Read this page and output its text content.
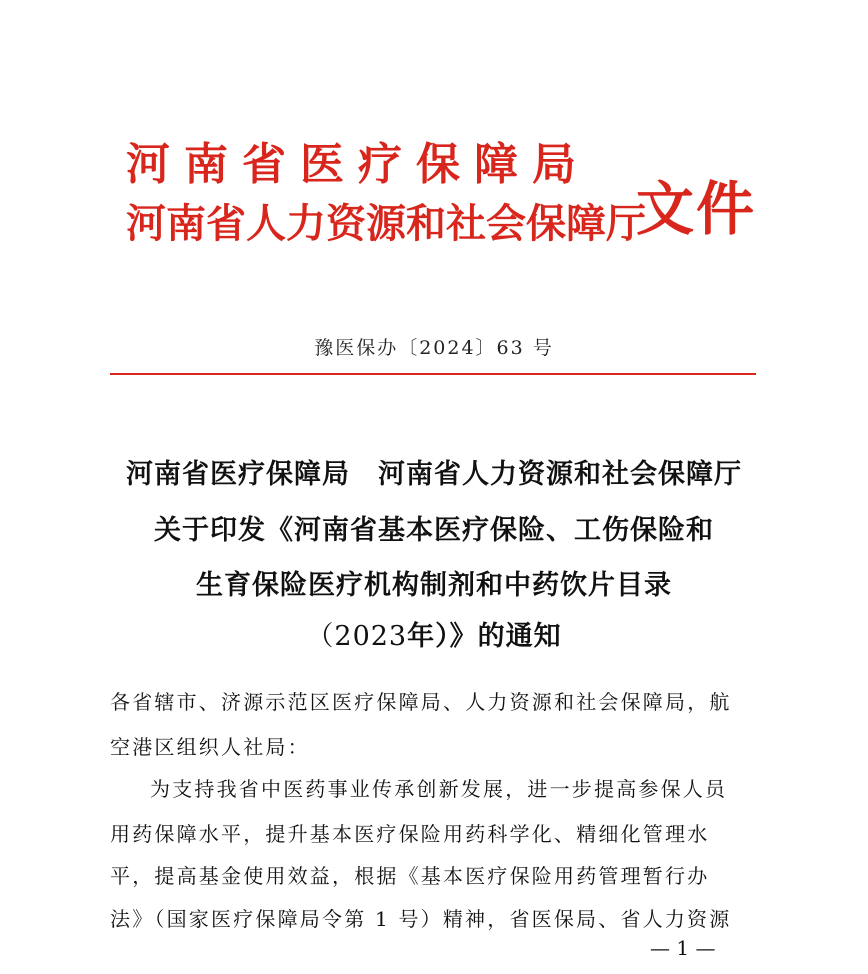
河南省医疗保障局
河南省人力资源和社会保障厅
文件
豫医保办〔2024〕63 号
河南省医疗保障局　河南省人力资源和社会保障厅
关于印发《河南省基本医疗保险、工伤保险和
生育保险医疗机构制剂和中药饮片目录
（2023年）》的通知
各省辖市、济源示范区医疗保障局、人力资源和社会保障局，航
空港区组织人社局：
为支持我省中医药事业传承创新发展，进一步提高参保人员
用药保障水平，提升基本医疗保险用药科学化、精细化管理水
平，提高基金使用效益，根据《基本医疗保险用药管理暂行办
法》（国家医疗保障局令第 1 号）精神，省医保局、省人力资源
— 1 —
